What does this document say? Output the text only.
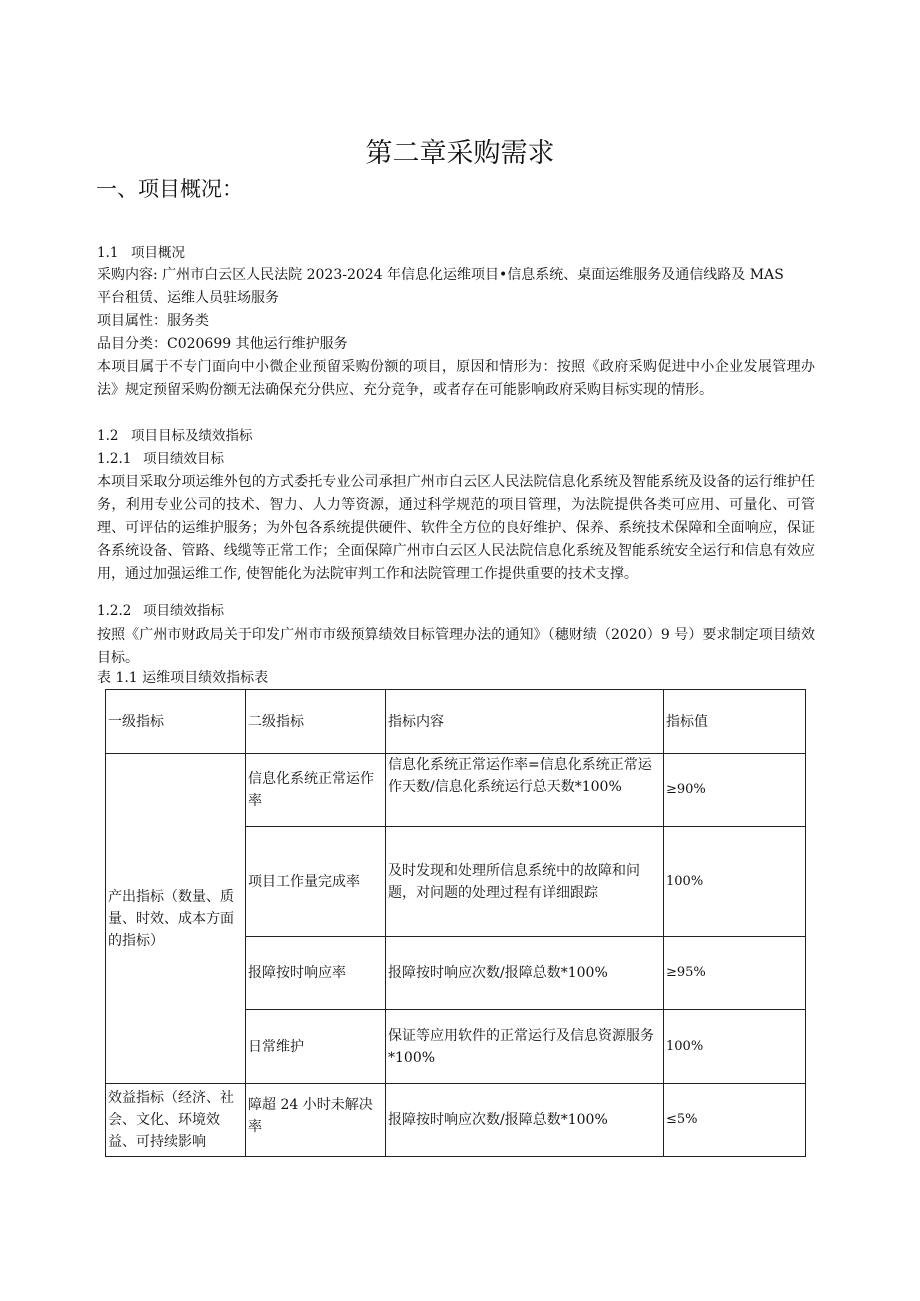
第二章采购需求
一、项目概况：
1.1 项目概况
采购内容: 广州市白云区人民法院 2023-2024 年信息化运维项目•信息系统、桌面运维服务及通信线路及 MAS
平台租赁、运维人员驻场服务
项目属性：服务类
品目分类：C020699 其他运行维护服务
本项目属于不专门面向中小微企业预留采购份额的项目，原因和情形为：按照《政府采购促进中小企业发展管理办法》规定预留采购份额无法确保充分供应、充分竞争，或者存在可能影响政府采购目标实现的情形。
1.2 项目目标及绩效指标
1.2.1 项目绩效目标
本项目采取分项运维外包的方式委托专业公司承担广州市白云区人民法院信息化系统及智能系统及设备的运行维护任务，利用专业公司的技术、智力、人力等资源，通过科学规范的项目管理，为法院提供各类可应用、可量化、可管理、可评估的运维护服务；为外包各系统提供硬件、软件全方位的良好维护、保养、系统技术保障和全面响应，保证各系统设备、管路、线缆等正常工作；全面保障广州市白云区人民法院信息化系统及智能系统安全运行和信息有效应用，通过加强运维工作, 使智能化为法院审判工作和法院管理工作提供重要的技术支撑。
1.2.2 项目绩效指标
按照《广州市财政局关于印发广州市市级预算绩效目标管理办法的通知》（穗财绩（2020）9 号）要求制定项目绩效目标。
表 1.1 运维项目绩效指标表
一级指标	二级指标	指标内容	指标值
产出指标（数量、质量、时效、成本方面的指标）	信息化系统正常运作率	信息化系统正常运作率=信息化系统正常运作天数/信息化系统运行总天数*100%	≥90%
	项目工作量完成率	及时发现和处理所信息系统中的故障和问题，对问题的处理过程有详细跟踪	100%
	报障按时响应率	报障按时响应次数/报障总数*100%	≥95%
	日常维护	保证等应用软件的正常运行及信息资源服务*100%	100%
效益指标（经济、社会、文化、环境效益、可持续影响	障超 24 小时未解决率	报障按时响应次数/报障总数*100%	≤5%
